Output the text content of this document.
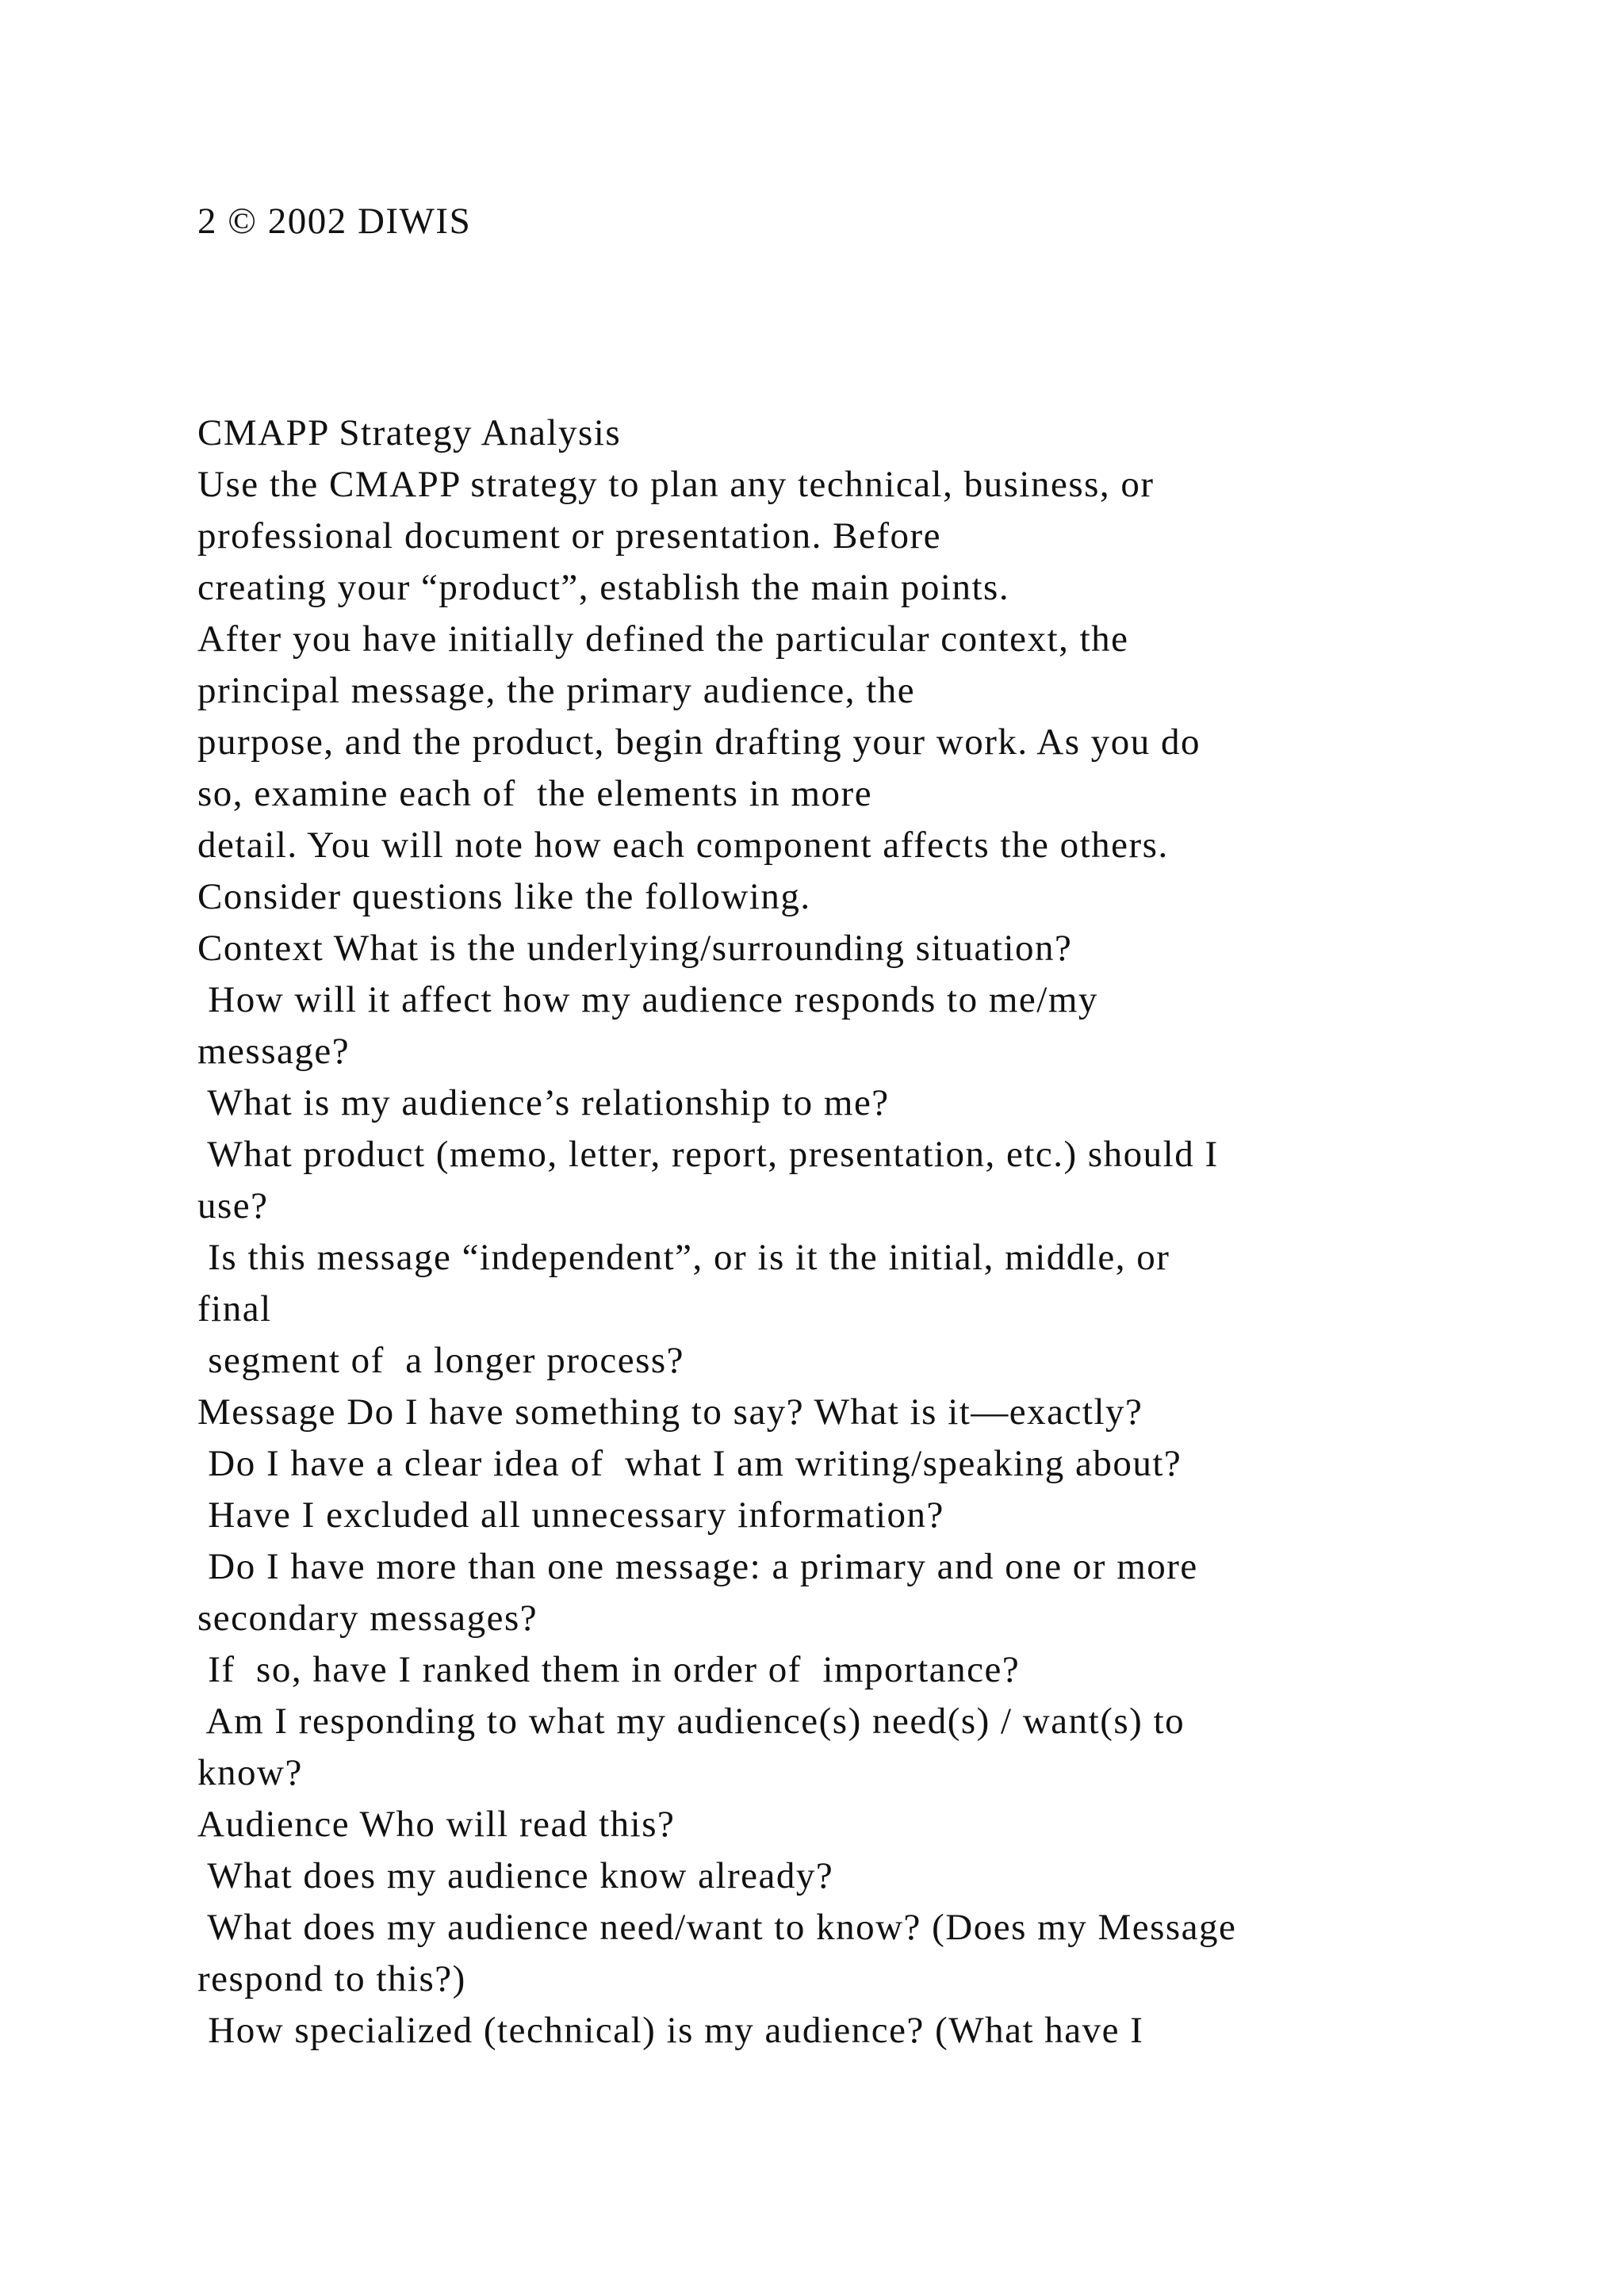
2 © 2002 DIWIS
CMAPP Strategy Analysis
Use the CMAPP strategy to plan any technical, business, or
professional document or presentation. Before
creating your “product”, establish the main points.
After you have initially defined the particular context, the
principal message, the primary audience, the
purpose, and the product, begin drafting your work. As you do
so, examine each of  the elements in more
detail. You will note how each component affects the others.
Consider questions like the following.
Context What is the underlying/surrounding situation?
How will it affect how my audience responds to me/my
message?
What is my audience’s relationship to me?
What product (memo, letter, report, presentation, etc.) should I
use?
Is this message “independent”, or is it the initial, middle, or
final
segment of  a longer process?
Message Do I have something to say? What is it—exactly?
Do I have a clear idea of  what I am writing/speaking about?
Have I excluded all unnecessary information?
Do I have more than one message: a primary and one or more
secondary messages?
If  so, have I ranked them in order of  importance?
Am I responding to what my audience(s) need(s) / want(s) to
know?
Audience Who will read this?
What does my audience know already?
What does my audience need/want to know? (Does my Message
respond to this?)
How specialized (technical) is my audience? (What have I
